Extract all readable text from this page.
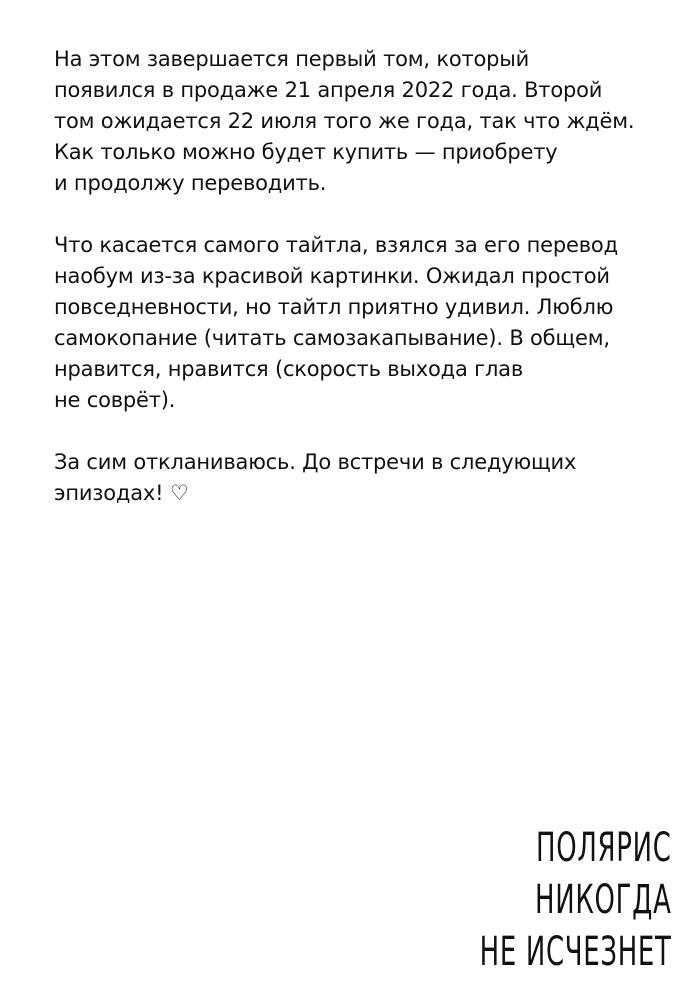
На этом завершается первый том, который
появился в продаже 21 апреля 2022 года. Второй
том ожидается 22 июля того же года, так что ждём.
Как только можно будет купить — приобрету
и продолжу переводить.

Что касается самого тайтла, взялся за его перевод
наобум из-за красивой картинки. Ожидал простой
повседневности, но тайтл приятно удивил. Люблю
самокопание (читать самозакапывание). В общем,
нравится, нравится (скорость выхода глав
не соврёт).

За сим откланиваюсь. До встречи в следующих
эпизодах! ♡

ПОЛЯРИС
НИКОГДА
НЕ ИСЧЕЗНЕТ
